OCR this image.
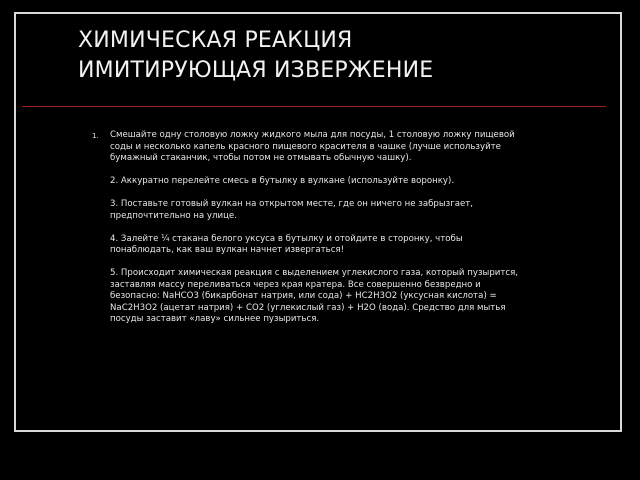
ХИМИЧЕСКАЯ РЕАКЦИЯ
ИМИТИРУЮЩАЯ ИЗВЕРЖЕНИЕ
1. Смешайте одну столовую ложку жидкого мыла для посуды, 1 столовую ложку пищевой соды и несколько капель красного пищевого красителя в чашке (лучше используйте бумажный стаканчик, чтобы потом не отмывать обычную чашку).

2. Аккуратно перелейте смесь в бутылку в вулкане (используйте воронку).

3. Поставьте готовый вулкан на открытом месте, где он ничего не забрызгает, предпочтительно на улице.

4. Залейте ¼ стакана белого уксуса в бутылку и отойдите в сторонку, чтобы понаблюдать, как ваш вулкан начнет извергаться!

5. Происходит химическая реакция с выделением углекислого газа, который пузырится, заставляя массу переливаться через края кратера. Все совершенно безвредно и безопасно: NaHCO3 (бикарбонат натрия, или сода) + HC2H3O2 (уксусная кислота) = NaC2H3O2 (ацетат натрия) + CO2 (углекислый газ) + H2O (вода). Средство для мытья посуды заставит «лаву» сильнее пузыриться.
